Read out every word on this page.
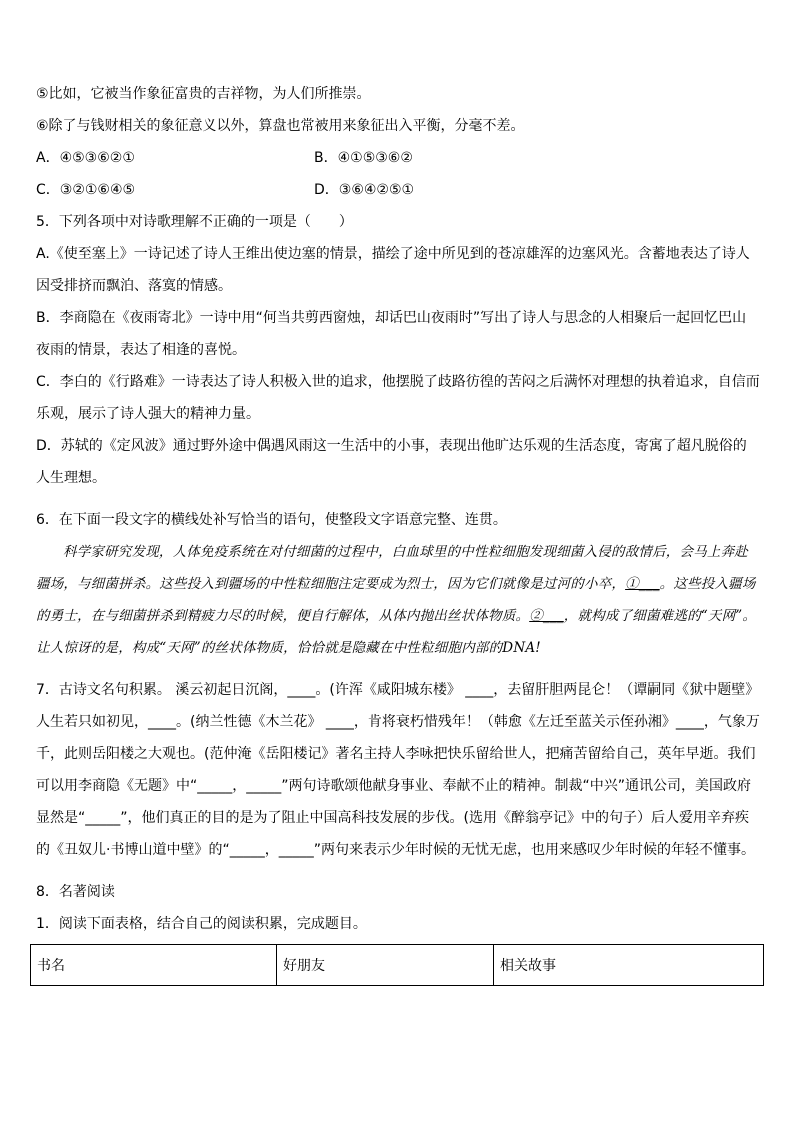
⑤比如，它被当作象征富贵的吉祥物，为人们所推崇。
⑥除了与钱财相关的象征意义以外，算盘也常被用来象征出入平衡，分毫不差。
A．④⑤③⑥②①	B．④①⑤③⑥②
C．③②①⑥④⑤	D．③⑥④②⑤①
5．下列各项中对诗歌理解不正确的一项是（　　）
A.《使至塞上》一诗记述了诗人王维出使边塞的情景，描绘了途中所见到的苍凉雄浑的边塞风光。含蓄地表达了诗人因受排挤而飘泊、落寞的情感。
B．李商隐在《夜雨寄北》一诗中用“何当共剪西窗烛，却话巴山夜雨时”写出了诗人与思念的人相聚后一起回忆巴山夜雨的情景，表达了相逢的喜悦。
C．李白的《行路难》一诗表达了诗人积极入世的追求，他摆脱了歧路彷徨的苦闷之后满怀对理想的执着追求，自信而乐观，展示了诗人强大的精神力量。
D．苏轼的《定风波》通过野外途中偶遇风雨这一生活中的小事，表现出他旷达乐观的生活态度，寄寓了超凡脱俗的人生理想。
6．在下面一段文字的横线处补写恰当的语句，使整段文字语意完整、连贯。
科学家研究发现，人体免疫系统在对付细菌的过程中，白血球里的中性粒细胞发现细菌入侵的敌情后，会马上奔赴疆场，与细菌拼杀。这些投入到疆场的中性粒细胞注定要成为烈士，因为它们就像是过河的小卒，①___。这些投入疆场的勇士，在与细菌拼杀到精疲力尽的时候，便自行解体，从体内抛出丝状体物质。②___，就构成了细菌难逃的“天网”。让人惊讶的是，构成“天网”的丝状体物质，恰恰就是隐藏在中性粒细胞内部的DNA!
7．古诗文名句积累。 溪云初起日沉阁，____。(许浑《咸阳城东楼》 ____，去留肝胆两昆仑！（谭嗣同《狱中题壁》人生若只如初见，____。(纳兰性德《木兰花》 ____，肯将衰朽惜残年！（韩愈《左迁至蓝关示侄孙湘》____，气象万千，此则岳阳楼之大观也。(范仲淹《岳阳楼记》著名主持人李咏把快乐留给世人，把痛苦留给自己，英年早逝。我们可以用李商隐《无题》中“_____，_____”两句诗歌颂他献身事业、奉献不止的精神。制裁“中兴”通讯公司，美国政府显然是“_____”，他们真正的目的是为了阻止中国高科技发展的步伐。(选用《醉翁亭记》中的句子）后人爱用辛弃疾的《丑奴儿·书博山道中壁》的“_____，_____”两句来表示少年时候的无忧无虑，也用来感叹少年时候的年轻不懂事。
8．名著阅读
1．阅读下面表格，结合自己的阅读积累，完成题目。
书名	好朋友	相关故事
